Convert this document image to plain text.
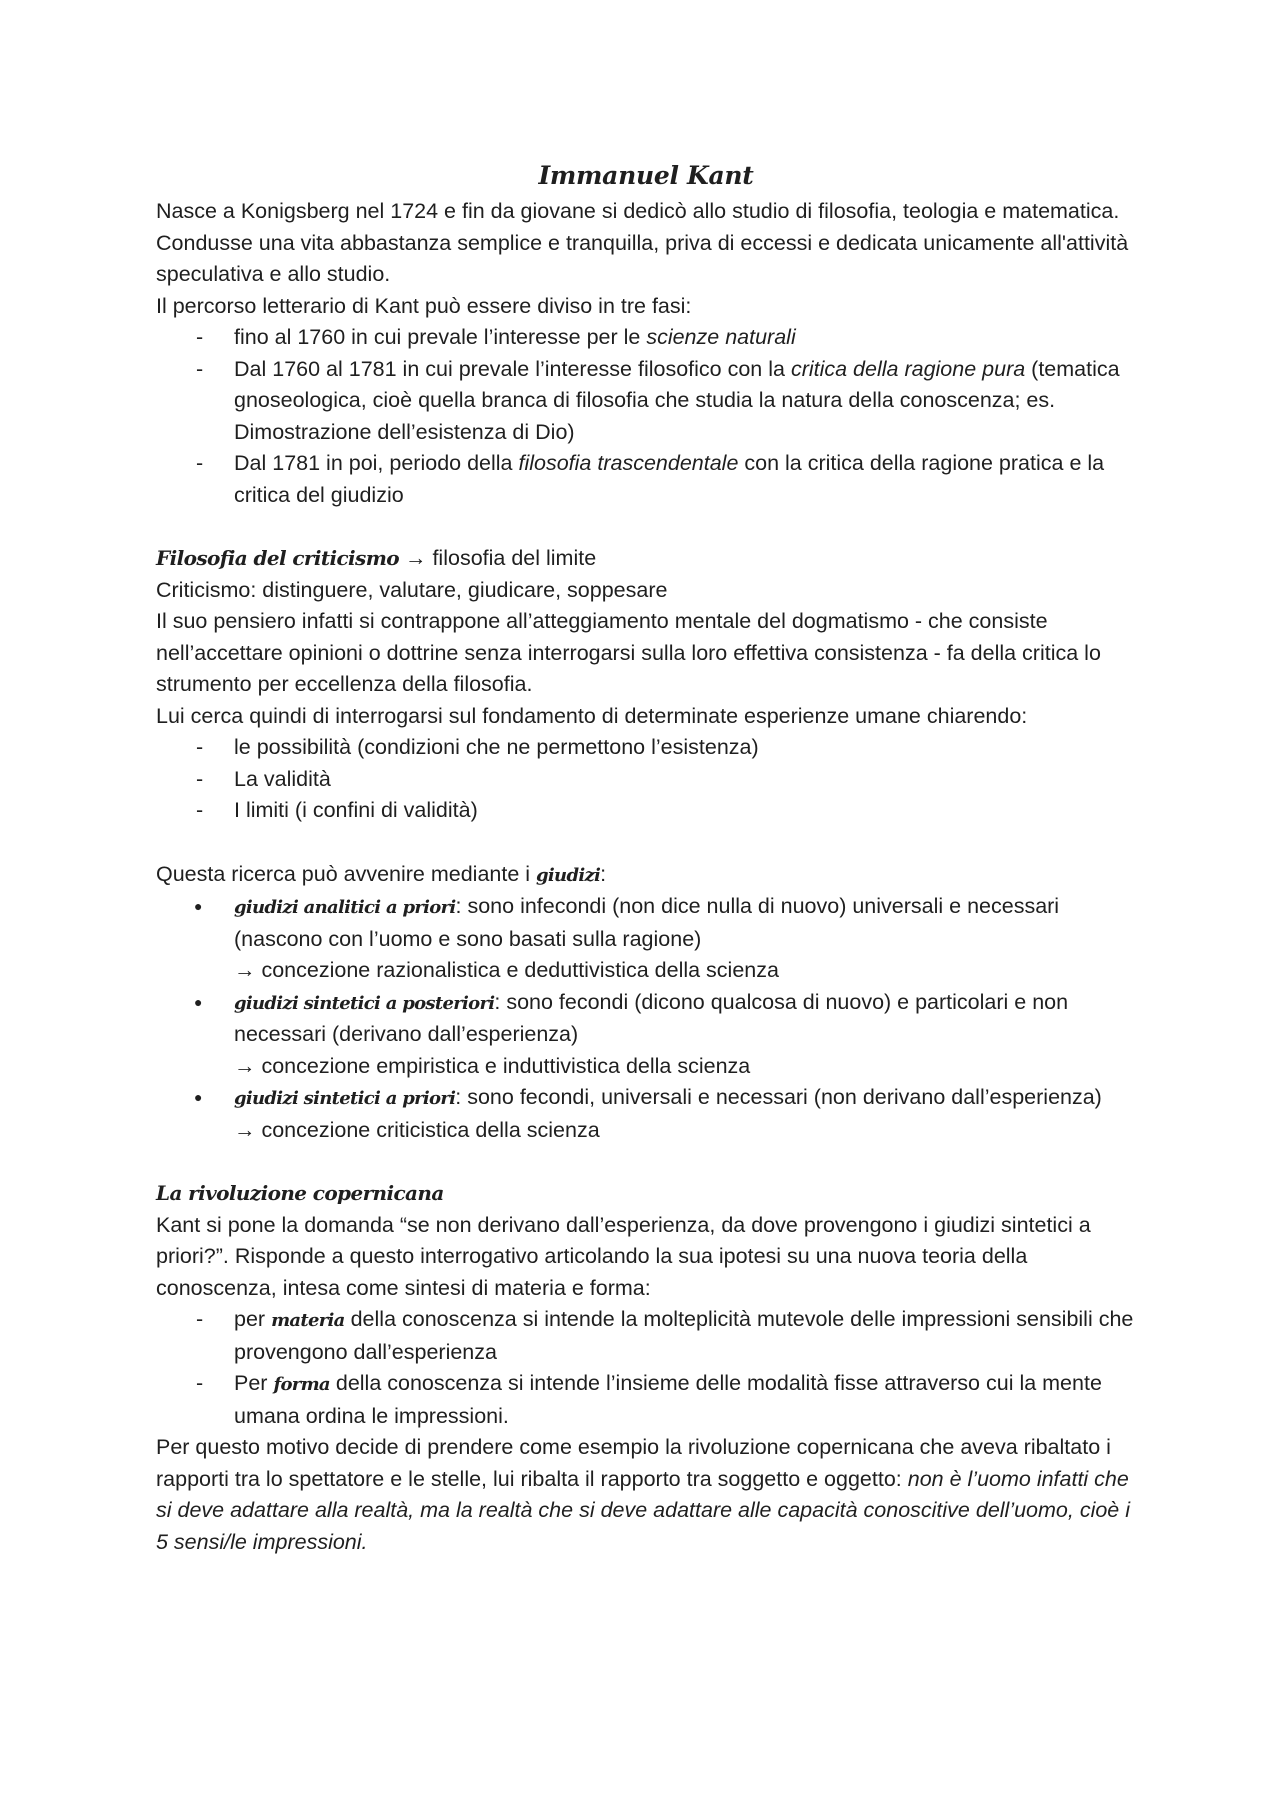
Immanuel Kant

Nasce a Konigsberg nel 1724 e fin da giovane si dedicò allo studio di filosofia, teologia e matematica. Condusse una vita abbastanza semplice e tranquilla, priva di eccessi e dedicata unicamente all'attività speculativa e allo studio.

Il percorso letterario di Kant può essere diviso in tre fasi:

- fino al 1760 in cui prevale l’interesse per le scienze naturali
- Dal 1760 al 1781 in cui prevale l’interesse filosofico con la critica della ragione pura (tematica gnoseologica, cioè quella branca di filosofia che studia la natura della conoscenza; es. Dimostrazione dell’esistenza di Dio)
- Dal 1781 in poi, periodo della filosofia trascendentale con la critica della ragione pratica e la critica del giudizio

Filosofia del criticismo → filosofia del limite

Criticismo: distinguere, valutare, giudicare, soppesare

Il suo pensiero infatti si contrappone all’atteggiamento mentale del dogmatismo - che consiste nell’accettare opinioni o dottrine senza interrogarsi sulla loro effettiva consistenza - fa della critica lo strumento per eccellenza della filosofia.

Lui cerca quindi di interrogarsi sul fondamento di determinate esperienze umane chiarendo:

- le possibilità (condizioni che ne permettono l’esistenza)
- La validità
- I limiti (i confini di validità)

Questa ricerca può avvenire mediante i giudizi:

● giudizi analitici a priori: sono infecondi (non dice nulla di nuovo) universali e necessari (nascono con l’uomo e sono basati sulla ragione)
→ concezione razionalistica e deduttivistica della scienza
● giudizi sintetici a posteriori: sono fecondi (dicono qualcosa di nuovo) e particolari e non necessari (derivano dall’esperienza)
→ concezione empiristica e induttivistica della scienza
● giudizi sintetici a priori: sono fecondi, universali e necessari (non derivano dall’esperienza)
→ concezione criticistica della scienza

La rivoluzione copernicana

Kant si pone la domanda “se non derivano dall’esperienza, da dove provengono i giudizi sintetici a priori?”. Risponde a questo interrogativo articolando la sua ipotesi su una nuova teoria della conoscenza, intesa come sintesi di materia e forma:

- per materia della conoscenza si intende la molteplicità mutevole delle impressioni sensibili che provengono dall’esperienza
- Per forma della conoscenza si intende l’insieme delle modalità fisse attraverso cui la mente umana ordina le impressioni.

Per questo motivo decide di prendere come esempio la rivoluzione copernicana che aveva ribaltato i rapporti tra lo spettatore e le stelle, lui ribalta il rapporto tra soggetto e oggetto: non è l’uomo infatti che si deve adattare alla realtà, ma la realtà che si deve adattare alle capacità conoscitive dell’uomo, cioè i 5 sensi/le impressioni.
